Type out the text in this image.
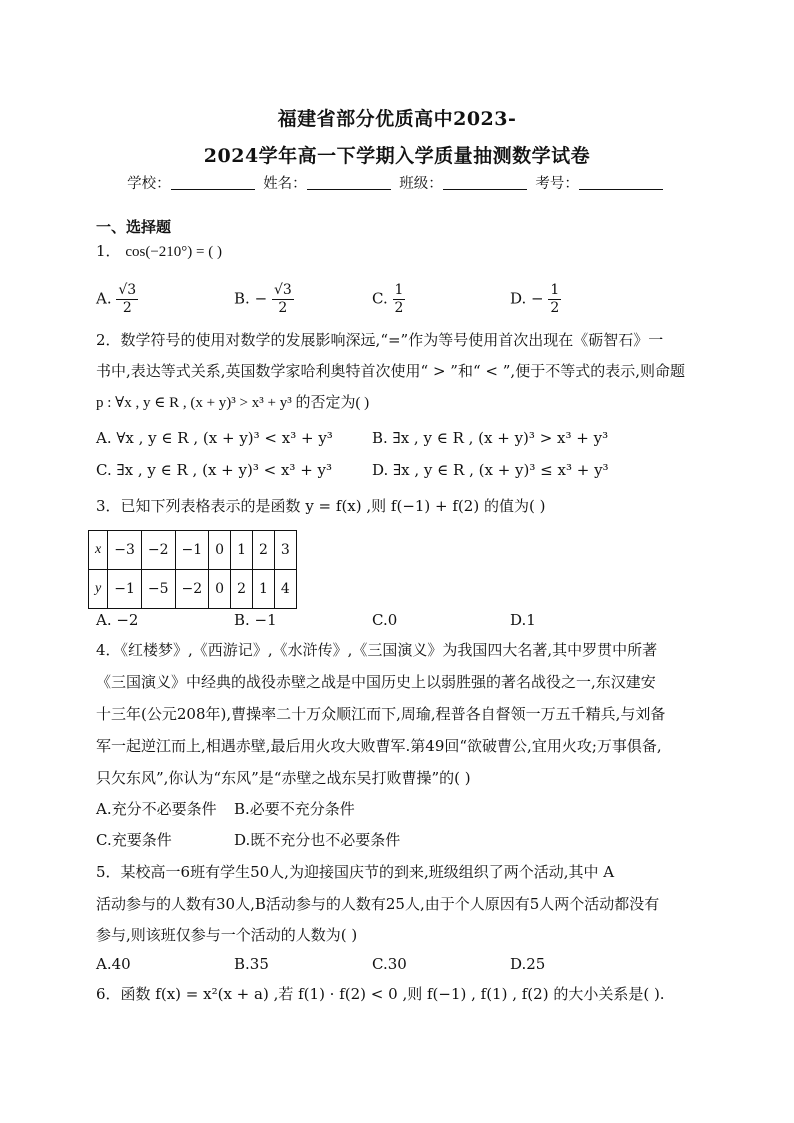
福建省部分优质高中2023-
2024学年高一下学期入学质量抽测数学试卷
学校：	姓名：	班级：	考号：
一、选择题
1． cos(−210°) = ( )
A. $\frac{√3}{2}$	B. − $\frac{√3}{2}$	C. $\frac{1}{2}$	D. − $\frac{1}{2}$
2．数学符号的使用对数学的发展影响深远,“=”作为等号使用首次出现在《砺智石》一
书中,表达等式关系,英国数学家哈利奥特首次使用“ > ”和“ < ”,便于不等式的表示,则命题
p : ∀x , y ∈ R , (x + y)³ > x³ + y³ 的否定为( )
A. ∀x , y ∈ R , (x + y)³ < x³ + y³	B. ∃x , y ∈ R , (x + y)³ > x³ + y³
C. ∃x , y ∈ R , (x + y)³ < x³ + y³	D. ∃x , y ∈ R , (x + y)³ ≤ x³ + y³
3．已知下列表格表示的是函数 y = f(x) ,则 f(−1) + f(2) 的值为( )
x	−3	−2	−1	0	1	2	3
y	−1	−5	−2	0	2	1	4
A. −2	B. −1	C.0	D.1
4．《红楼梦》,《西游记》,《水浒传》,《三国演义》为我国四大名著,其中罗贯中所著
《三国演义》中经典的战役赤壁之战是中国历史上以弱胜强的著名战役之一,东汉建安
十三年(公元208年),曹操率二十万众顺江而下,周瑜,程普各自督领一万五千精兵,与刘备
军一起逆江而上,相遇赤壁,最后用火攻大败曹军.第49回“欲破曹公,宜用火攻;万事俱备,
只欠东风”,你认为“东风”是“赤壁之战东吴打败曹操”的( )
A.充分不必要条件 B.必要不充分条件
C.充要条件	D.既不充分也不必要条件
5．某校高一6班有学生50人,为迎接国庆节的到来,班级组织了两个活动,其中 A
活动参与的人数有30人,B活动参与的人数有25人,由于个人原因有5人两个活动都没有
参与,则该班仅参与一个活动的人数为( )
A.40	B.35	C.30	D.25
6．函数 f(x) = x²(x + a) ,若 f(1) · f(2) < 0 ,则 f(−1) , f(1) , f(2) 的大小关系是( ).
